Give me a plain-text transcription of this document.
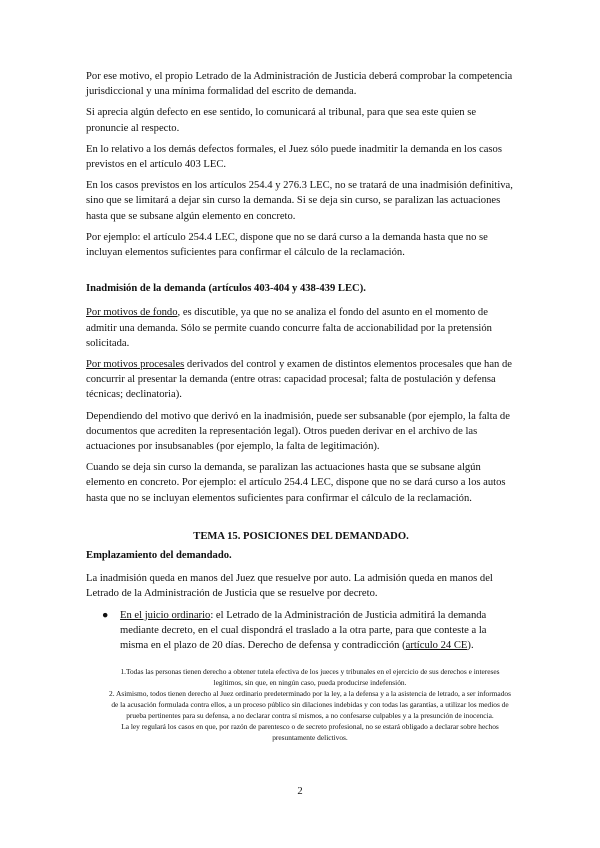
Por ese motivo, el propio Letrado de la Administración de Justicia deberá comprobar la competencia jurisdiccional y una mínima formalidad del escrito de demanda.

Si aprecia algún defecto en ese sentido, lo comunicará al tribunal, para que sea este quien se pronuncie al respecto.

En lo relativo a los demás defectos formales, el Juez sólo puede inadmitir la demanda en los casos previstos en el artículo 403 LEC.

En los casos previstos en los artículos 254.4 y 276.3 LEC, no se tratará de una inadmisión definitiva, sino que se limitará a dejar sin curso la demanda. Si se deja sin curso, se paralizan las actuaciones hasta que se subsane algún elemento en concreto.

Por ejemplo: el artículo 254.4 LEC, dispone que no se dará curso a la demanda hasta que no se incluyan elementos suficientes para confirmar el cálculo de la reclamación.

Inadmisión de la demanda (artículos 403-404 y 438-439 LEC).

Por motivos de fondo, es discutible, ya que no se analiza el fondo del asunto en el momento de admitir una demanda. Sólo se permite cuando concurre falta de accionabilidad por la pretensión solicitada.

Por motivos procesales derivados del control y examen de distintos elementos procesales que han de concurrir al presentar la demanda (entre otras: capacidad procesal; falta de postulación y defensa técnicas; declinatoria).

Dependiendo del motivo que derivó en la inadmisión, puede ser subsanable (por ejemplo, la falta de documentos que acrediten la representación legal). Otros pueden derivar en el archivo de las actuaciones por insubsanables (por ejemplo, la falta de legitimación).

Cuando se deja sin curso la demanda, se paralizan las actuaciones hasta que se subsane algún elemento en concreto. Por ejemplo: el artículo 254.4 LEC, dispone que no se dará curso a los autos hasta que no se incluyan elementos suficientes para confirmar el cálculo de la reclamación.

TEMA 15. POSICIONES DEL DEMANDADO.

Emplazamiento del demandado.

La inadmisión queda en manos del Juez que resuelve por auto. La admisión queda en manos del Letrado de la Administración de Justicia que se resuelve por decreto.

● En el juicio ordinario: el Letrado de la Administración de Justicia admitirá la demanda mediante decreto, en el cual dispondrá el traslado a la otra parte, para que conteste a la misma en el plazo de 20 días. Derecho de defensa y contradicción (artículo 24 CE).

1.Todas las personas tienen derecho a obtener tutela efectiva de los jueces y tribunales en el ejercicio de sus derechos e intereses legítimos, sin que, en ningún caso, pueda producirse indefensión.

2. Asimismo, todos tienen derecho al Juez ordinario predeterminado por la ley, a la defensa y a la asistencia de letrado, a ser informados de la acusación formulada contra ellos, a un proceso público sin dilaciones indebidas y con todas las garantías, a utilizar los medios de prueba pertinentes para su defensa, a no declarar contra sí mismos, a no confesarse culpables y a la presunción de inocencia.

La ley regulará los casos en que, por razón de parentesco o de secreto profesional, no se estará obligado a declarar sobre hechos presuntamente delictivos.

2
